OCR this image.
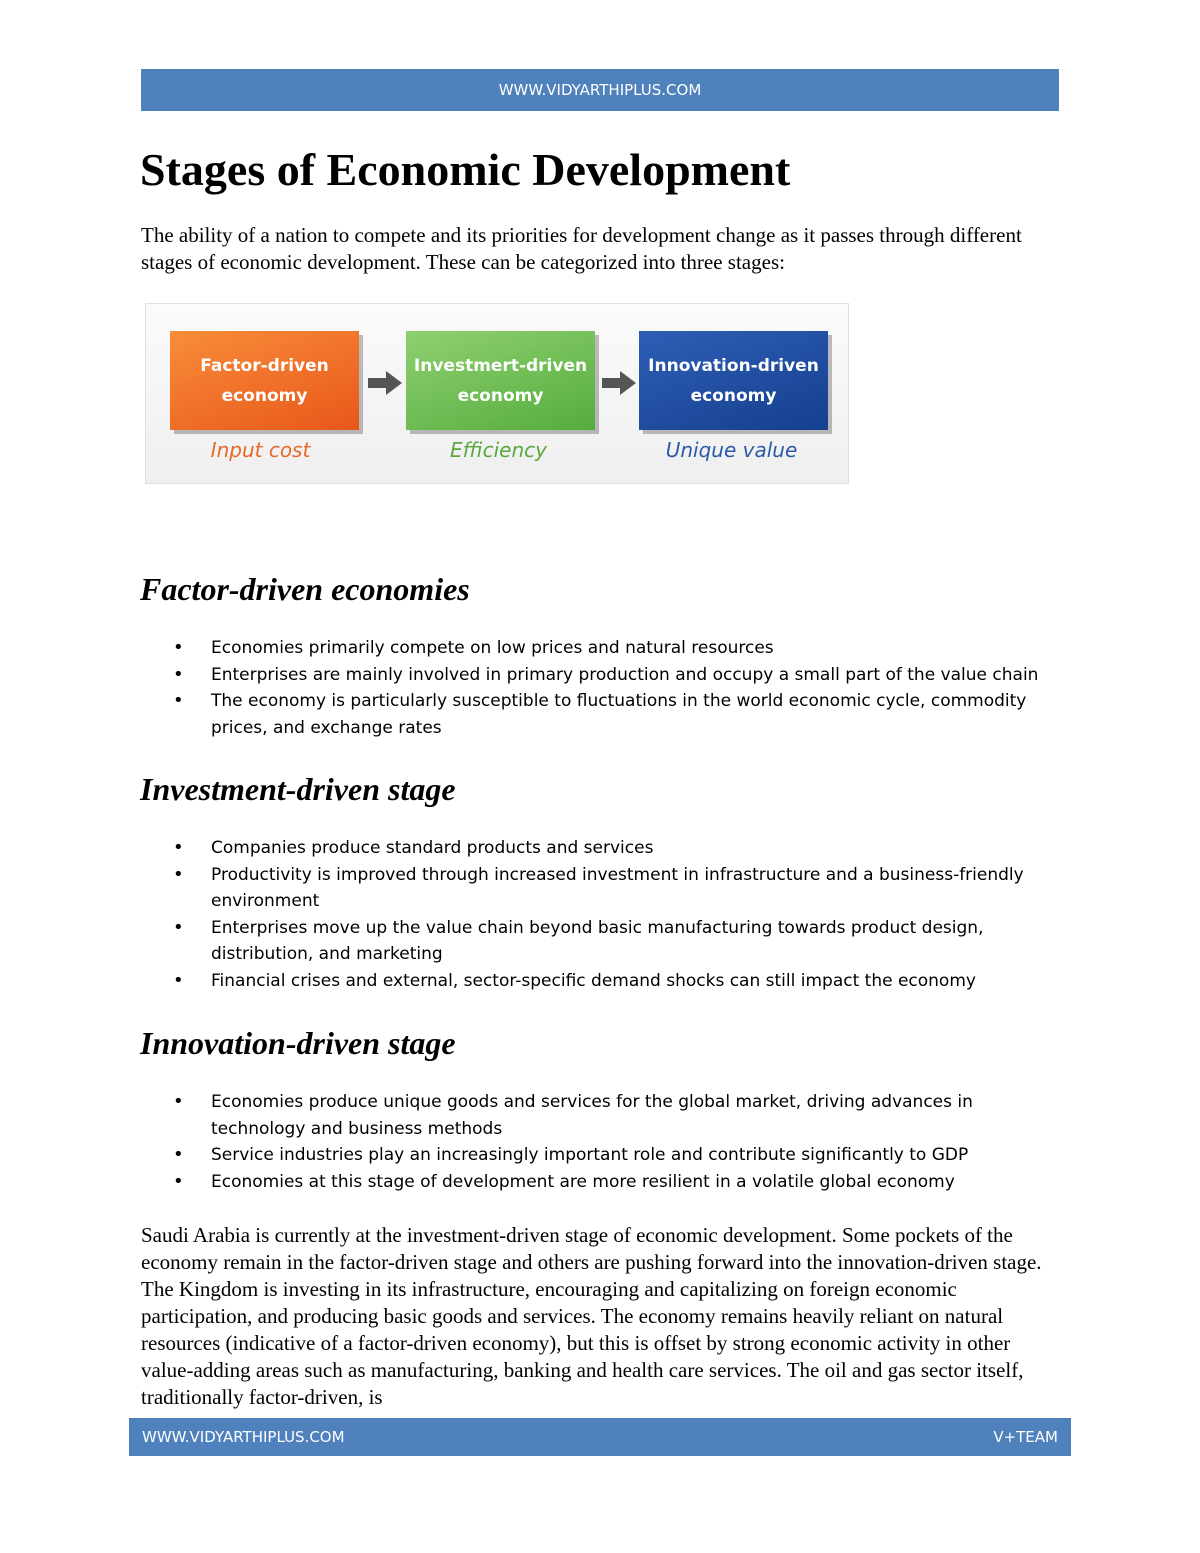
WWW.VIDYARTHIPLUS.COM
Stages of Economic Development

The ability of a nation to compete and its priorities for development change as it passes through different stages of economic development. These can be categorized into three stages:

Factor-driven
economy
Investmert-driven
economy
Innovation-driven
economy
Input cost	Efficiency	Unique value
Factor-driven economies
• Economies primarily compete on low prices and natural resources
• Enterprises are mainly involved in primary production and occupy a small part of the value chain
• The economy is particularly susceptible to fluctuations in the world economic cycle, commodity prices, and exchange rates
Investment-driven stage
• Companies produce standard products and services
• Productivity is improved through increased investment in infrastructure and a business-friendly environment
• Enterprises move up the value chain beyond basic manufacturing towards product design, distribution, and marketing
• Financial crises and external, sector-specific demand shocks can still impact the economy
Innovation-driven stage
• Economies produce unique goods and services for the global market, driving advances in technology and business methods
• Service industries play an increasingly important role and contribute significantly to GDP
• Economies at this stage of development are more resilient in a volatile global economy

Saudi Arabia is currently at the investment-driven stage of economic development. Some pockets of the economy remain in the factor-driven stage and others are pushing forward into the innovation-driven stage. The Kingdom is investing in its infrastructure, encouraging and capitalizing on foreign economic participation, and producing basic goods and services. The economy remains heavily reliant on natural resources (indicative of a factor-driven economy), but this is offset by strong economic activity in other value-adding areas such as manufacturing, banking and health care services. The oil and gas sector itself, traditionally factor-driven, is

WWW.VIDYARTHIPLUS.COM	V+TEAM
